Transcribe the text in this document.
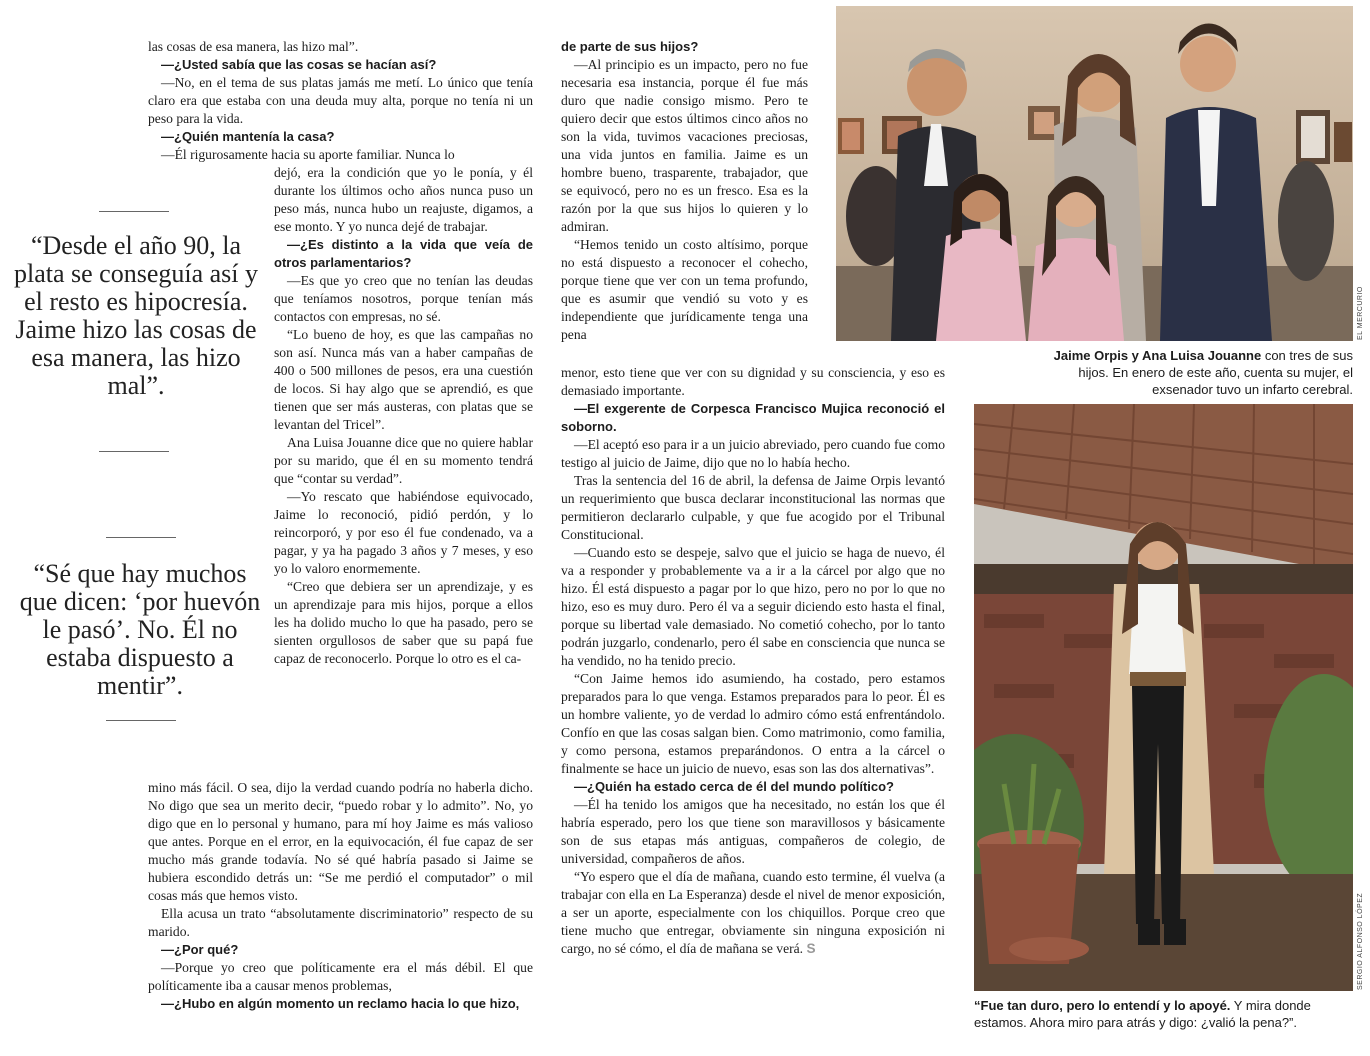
“Desde el año 90, la plata se conseguía así y el resto es hipocresía. Jaime hizo las cosas de esa manera, las hizo mal”.
“Sé que hay muchos que dicen: ‘por huevón le pasó’. No. Él no estaba dispuesto a mentir”.

las cosas de esa manera, las hizo mal”.

—¿Usted sabía que las cosas se hacían así?

—No, en el tema de sus platas jamás me metí. Lo único que tenía claro era que estaba con una deuda muy alta, porque no tenía ni un peso para la vida.

—¿Quién mantenía la casa?

—Él rigurosamente hacia su aporte familiar. Nunca lo

dejó, era la condición que yo le ponía, y él durante los últimos ocho años nunca puso un peso más, nunca hubo un reajuste, digamos, a ese monto. Y yo nunca dejé de trabajar.

—¿Es distinto a la vida que veía de otros parlamentarios?

—Es que yo creo que no tenían las deudas que teníamos nosotros, porque tenían más contactos con empresas, no sé.

“Lo bueno de hoy, es que las campañas no son así. Nunca más van a haber campañas de 400 o 500 millones de pesos, era una cuestión de locos. Si hay algo que se aprendió, es que tienen que ser más austeras, con platas que se levantan del Tricel”.

Ana Luisa Jouanne dice que no quiere hablar por su marido, que él en su momento tendrá que “contar su verdad”.

—Yo rescato que habiéndose equivocado, Jaime lo reconoció, pidió perdón, y lo reincorporó, y por eso él fue condenado, va a pagar, y ya ha pagado 3 años y 7 meses, y eso yo lo valoro enormemente.

“Creo que debiera ser un aprendizaje, y es un aprendizaje para mis hijos, porque a ellos les ha dolido mucho lo que ha pasado, pero se sienten orgullosos de saber que su papá fue capaz de reconocerlo. Porque lo otro es el ca-

mino más fácil. O sea, dijo la verdad cuando podría no haberla dicho. No digo que sea un merito decir, “puedo robar y lo admito”. No, yo digo que en lo personal y humano, para mí hoy Jaime es más valioso que antes. Porque en el error, en la equivocación, él fue capaz de ser mucho más grande todavía. No sé qué habría pasado si Jaime se hubiera escondido detrás un: “Se me perdió el computador” o mil cosas más que hemos visto.

Ella acusa un trato “absolutamente discriminatorio” respecto de su marido.

—¿Por qué?

—Porque yo creo que políticamente era el más débil. El que políticamente iba a causar menos problemas,

—¿Hubo en algún momento un reclamo hacia lo que hizo,

de parte de sus hijos?

—Al principio es un impacto, pero no fue necesaria esa instancia, porque él fue más duro que nadie consigo mismo. Pero te quiero decir que estos últimos cinco años no son la vida, tuvimos vacaciones preciosas, una vida juntos en familia. Jaime es un hombre bueno, trasparente, trabajador, que se equivocó, pero no es un fresco. Esa es la razón por la que sus hijos lo quieren y lo admiran.

“Hemos tenido un costo altísimo, porque no está dispuesto a reconocer el cohecho, porque tiene que ver con un tema profundo, que es asumir que vendió su voto y es independiente que jurídicamente tenga una pena

menor, esto tiene que ver con su dignidad y su consciencia, y eso es demasiado importante.

—El exgerente de Corpesca Francisco Mujica reconoció el soborno.

—El aceptó eso para ir a un juicio abreviado, pero cuando fue como testigo al juicio de Jaime, dijo que no lo había hecho.

Tras la sentencia del 16 de abril, la defensa de Jaime Orpis levantó un requerimiento que busca declarar inconstitucional las normas que permitieron declararlo culpable, y que fue acogido por el Tribunal Constitucional.

—Cuando esto se despeje, salvo que el juicio se haga de nuevo, él va a responder y probablemente va a ir a la cárcel por algo que no hizo. Él está dispuesto a pagar por lo que hizo, pero no por lo que no hizo, eso es muy duro. Pero él va a seguir diciendo esto hasta el final, porque su libertad vale demasiado. No cometió cohecho, por lo tanto podrán juzgarlo, condenarlo, pero él sabe en consciencia que nunca se ha vendido, no ha tenido precio.

“Con Jaime hemos ido asumiendo, ha costado, pero estamos preparados para lo que venga. Estamos preparados para lo peor. Él es un hombre valiente, yo de verdad lo admiro cómo está enfrentándolo. Confío en que las cosas salgan bien. Como matrimonio, como familia, y como persona, estamos preparándonos. O entra a la cárcel o finalmente se hace un juicio de nuevo, esas son las dos alternativas”.

—¿Quién ha estado cerca de él del mundo político?

—Él ha tenido los amigos que ha necesitado, no están los que él habría esperado, pero los que tiene son maravillosos y básicamente son de sus etapas más antiguas, compañeros de colegio, de universidad, compañeros de años.

“Yo espero que el día de mañana, cuando esto termine, él vuelva (a trabajar con ella en La Esperanza) desde el nivel de menor exposición, a ser un aporte, especialmente con los chiquillos. Porque creo que tiene mucho que entregar, obviamente sin ninguna exposición ni cargo, no sé cómo, el día de mañana se verá. S

EL MERCURIO
Jaime Orpis y Ana Luisa Jouanne con tres de sus hijos. En enero de este año, cuenta su mujer, el exsenador tuvo un infarto cerebral.
SERGIO ALFONSO LÓPEZ
“Fue tan duro, pero lo entendí y lo apoyé. Y mira donde estamos. Ahora miro para atrás y digo: ¿valió la pena?”.
